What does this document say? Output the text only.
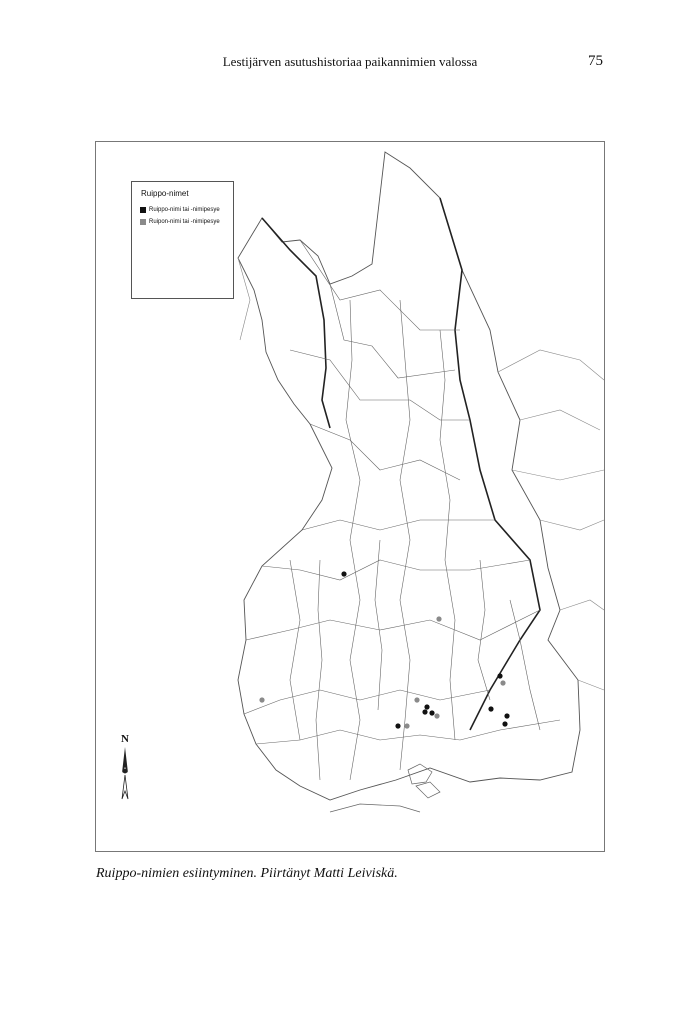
Lestijärven asutushistoriaa paikannimien valossa	75
Ruippo-nimet
Ruippo-nimi tai -nimipesye
Ruipon-nimi tai -nimipesye
N
Ruippo-nimien esiintyminen. Piirtänyt Matti Leiviskä.
